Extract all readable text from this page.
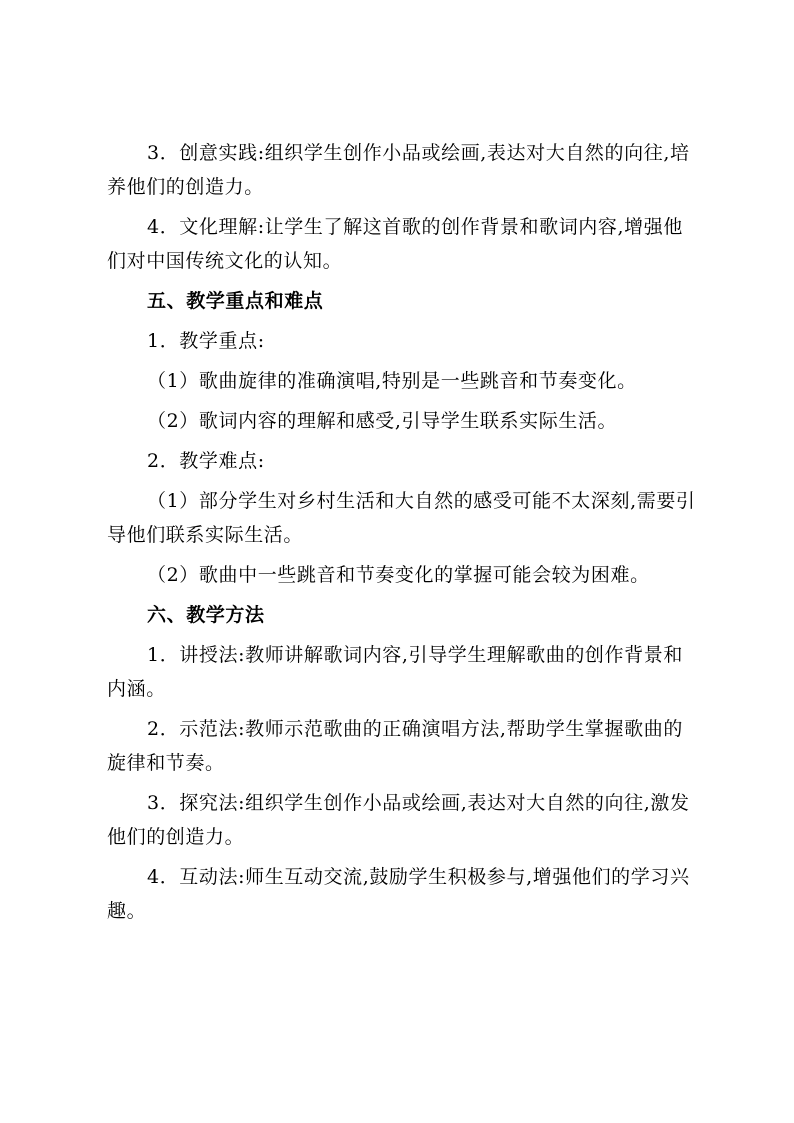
3．创意实践:组织学生创作小品或绘画,表达对大自然的向往,培养他们的创造力。

4．文化理解:让学生了解这首歌的创作背景和歌词内容,增强他们对中国传统文化的认知。

五、教学重点和难点

1．教学重点:

（1）歌曲旋律的准确演唱,特别是一些跳音和节奏变化。

（2）歌词内容的理解和感受,引导学生联系实际生活。

2．教学难点:

（1）部分学生对乡村生活和大自然的感受可能不太深刻,需要引导他们联系实际生活。

（2）歌曲中一些跳音和节奏变化的掌握可能会较为困难。

六、教学方法

1．讲授法:教师讲解歌词内容,引导学生理解歌曲的创作背景和内涵。

2．示范法:教师示范歌曲的正确演唱方法,帮助学生掌握歌曲的旋律和节奏。

3．探究法:组织学生创作小品或绘画,表达对大自然的向往,激发他们的创造力。

4．互动法:师生互动交流,鼓励学生积极参与,增强他们的学习兴趣。
